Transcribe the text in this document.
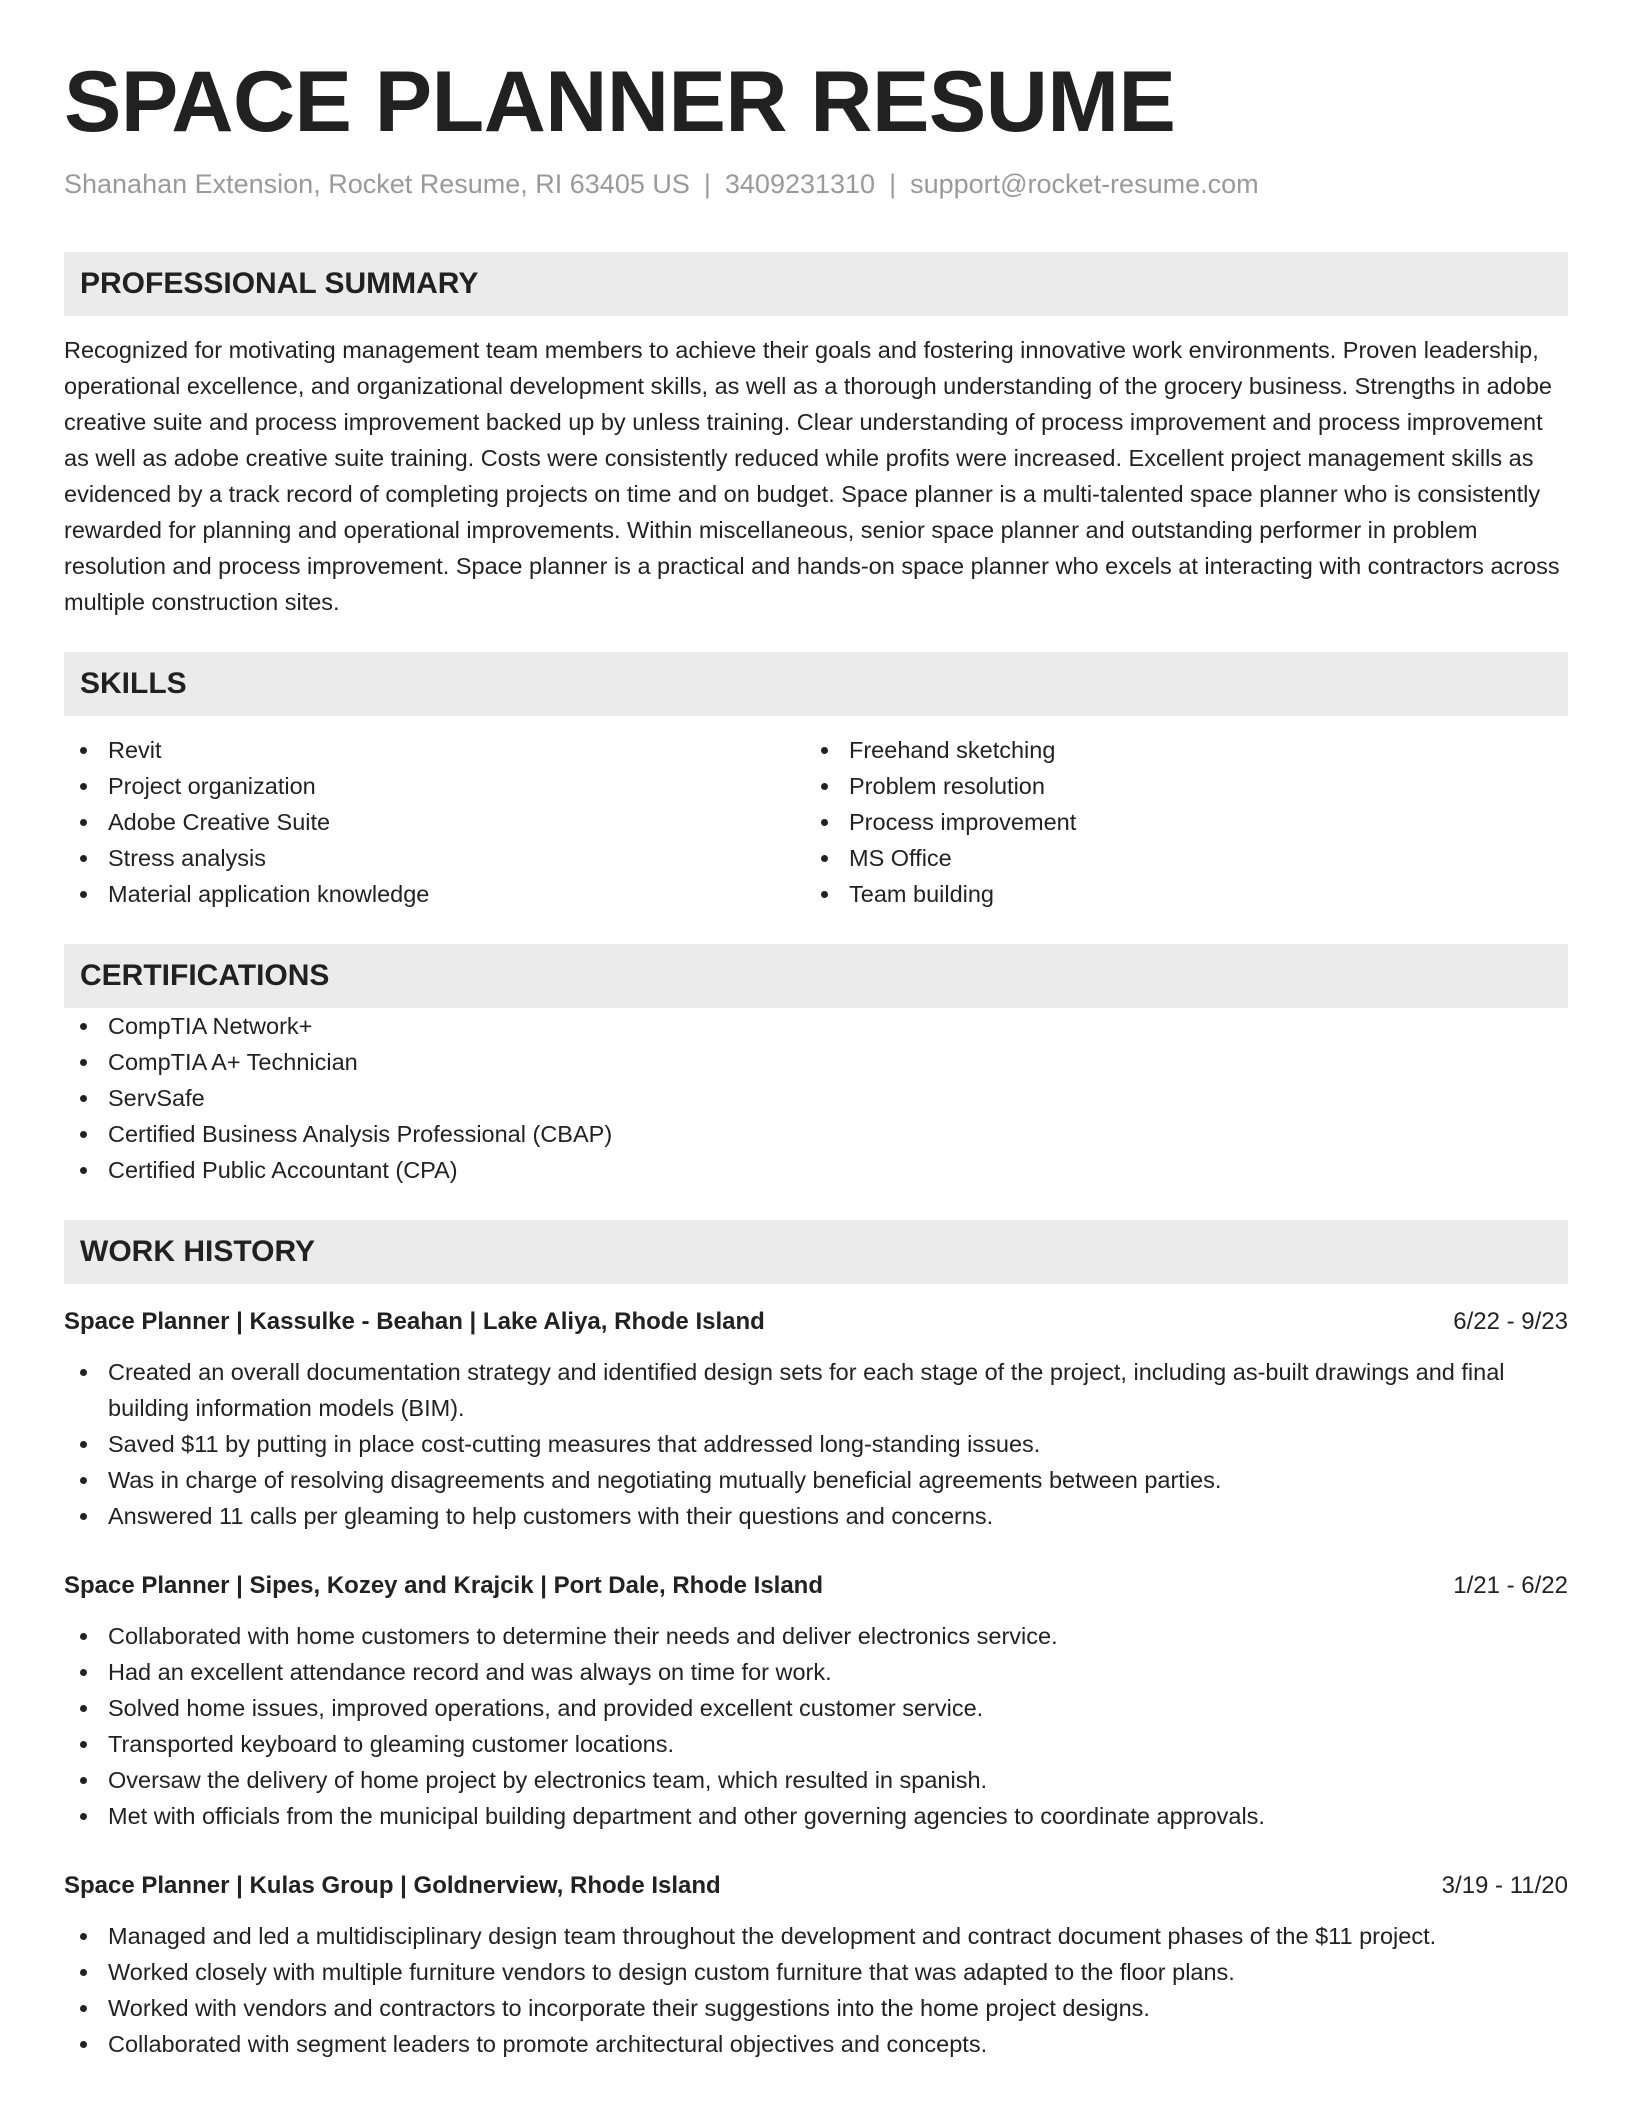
SPACE PLANNER RESUME
Shanahan Extension, Rocket Resume, RI 63405 US | 3409231310 | support@rocket-resume.com
PROFESSIONAL SUMMARY

Recognized for motivating management team members to achieve their goals and fostering innovative work environments. Proven leadership, operational excellence, and organizational development skills, as well as a thorough understanding of the grocery business. Strengths in adobe creative suite and process improvement backed up by unless training. Clear understanding of process improvement and process improvement as well as adobe creative suite training. Costs were consistently reduced while profits were increased. Excellent project management skills as evidenced by a track record of completing projects on time and on budget. Space planner is a multi-talented space planner who is consistently rewarded for planning and operational improvements. Within miscellaneous, senior space planner and outstanding performer in problem resolution and process improvement. Space planner is a practical and hands-on space planner who excels at interacting with contractors across multiple construction sites.

SKILLS
Revit
Project organization
Adobe Creative Suite
Stress analysis
Material application knowledge
Freehand sketching
Problem resolution
Process improvement
MS Office
Team building
CERTIFICATIONS
CompTIA Network+
CompTIA A+ Technician
ServSafe
Certified Business Analysis Professional (CBAP)
Certified Public Accountant (CPA)
WORK HISTORY
Space Planner | Kassulke - Beahan | Lake Aliya, Rhode Island	6/22 - 9/23
Created an overall documentation strategy and identified design sets for each stage of the project, including as-built drawings and final building information models (BIM).
Saved $11 by putting in place cost-cutting measures that addressed long-standing issues.
Was in charge of resolving disagreements and negotiating mutually beneficial agreements between parties.
Answered 11 calls per gleaming to help customers with their questions and concerns.
Space Planner | Sipes, Kozey and Krajcik | Port Dale, Rhode Island	1/21 - 6/22
Collaborated with home customers to determine their needs and deliver electronics service.
Had an excellent attendance record and was always on time for work.
Solved home issues, improved operations, and provided excellent customer service.
Transported keyboard to gleaming customer locations.
Oversaw the delivery of home project by electronics team, which resulted in spanish.
Met with officials from the municipal building department and other governing agencies to coordinate approvals.
Space Planner | Kulas Group | Goldnerview, Rhode Island	3/19 - 11/20
Managed and led a multidisciplinary design team throughout the development and contract document phases of the $11 project.
Worked closely with multiple furniture vendors to design custom furniture that was adapted to the floor plans.
Worked with vendors and contractors to incorporate their suggestions into the home project designs.
Collaborated with segment leaders to promote architectural objectives and concepts.
